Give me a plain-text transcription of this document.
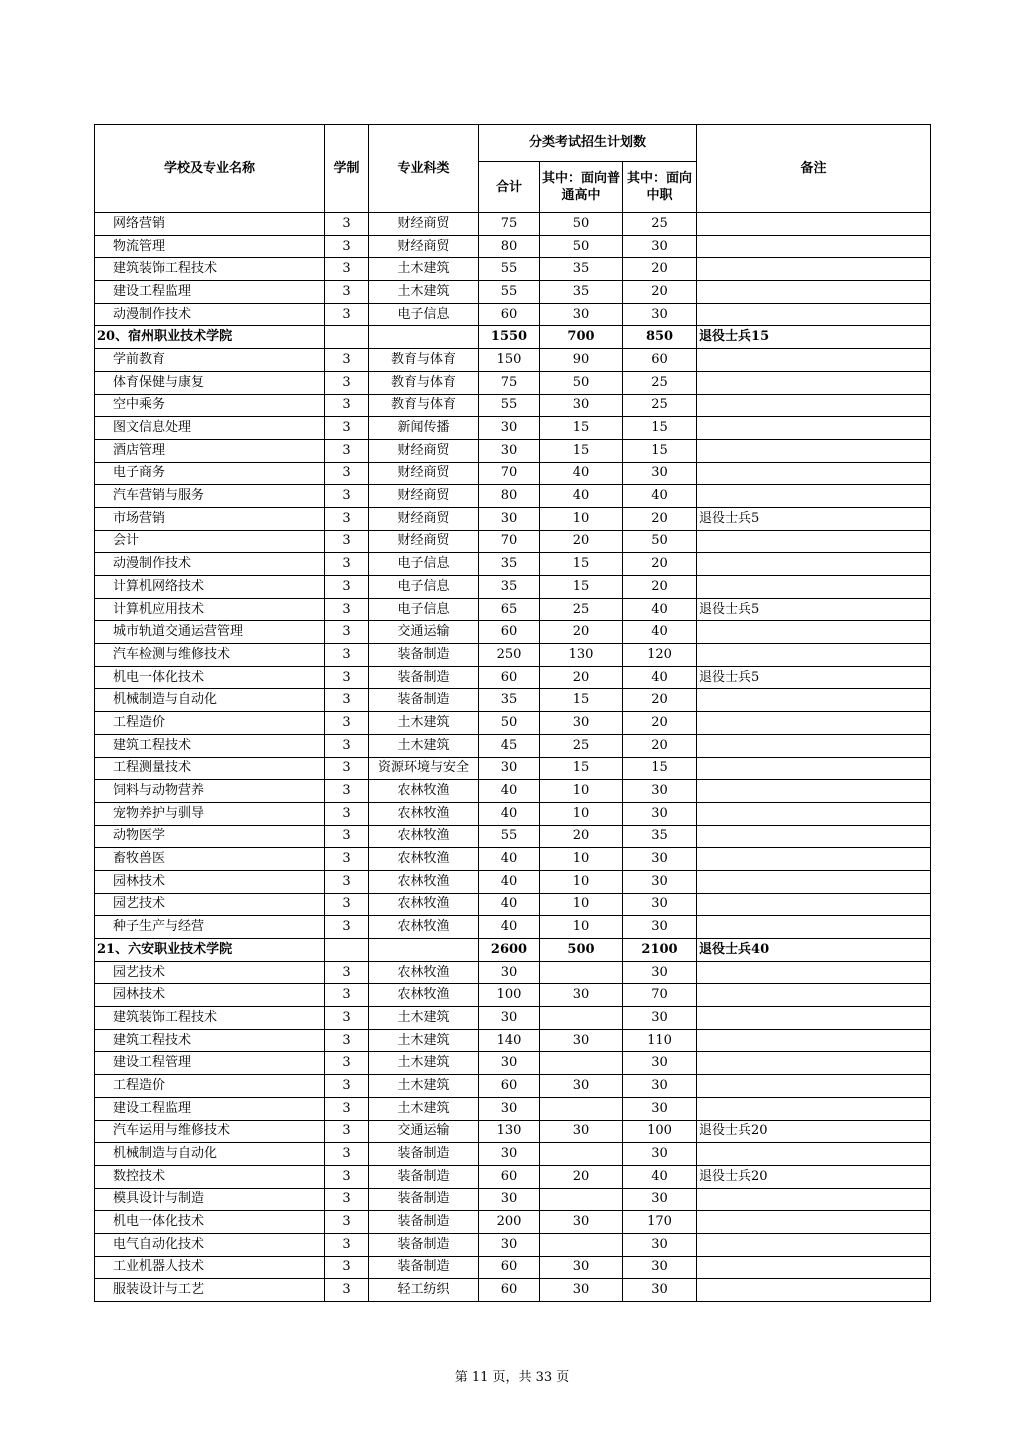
学校及专业名称	学制	专业科类	分类考试招生计划数			备注
			合计	其中：面向普通高中	其中：面向中职	
网络营销	3	财经商贸	75	50	25	
物流管理	3	财经商贸	80	50	30	
建筑装饰工程技术	3	土木建筑	55	35	20	
建设工程监理	3	土木建筑	55	35	20	
动漫制作技术	3	电子信息	60	30	30	
20、宿州职业技术学院			1550	700	850	退役士兵15
学前教育	3	教育与体育	150	90	60	
体育保健与康复	3	教育与体育	75	50	25	
空中乘务	3	教育与体育	55	30	25	
图文信息处理	3	新闻传播	30	15	15	
酒店管理	3	财经商贸	30	15	15	
电子商务	3	财经商贸	70	40	30	
汽车营销与服务	3	财经商贸	80	40	40	
市场营销	3	财经商贸	30	10	20	退役士兵5
会计	3	财经商贸	70	20	50	
动漫制作技术	3	电子信息	35	15	20	
计算机网络技术	3	电子信息	35	15	20	
计算机应用技术	3	电子信息	65	25	40	退役士兵5
城市轨道交通运营管理	3	交通运输	60	20	40	
汽车检测与维修技术	3	装备制造	250	130	120	
机电一体化技术	3	装备制造	60	20	40	退役士兵5
机械制造与自动化	3	装备制造	35	15	20	
工程造价	3	土木建筑	50	30	20	
建筑工程技术	3	土木建筑	45	25	20	
工程测量技术	3	资源环境与安全	30	15	15	
饲料与动物营养	3	农林牧渔	40	10	30	
宠物养护与驯导	3	农林牧渔	40	10	30	
动物医学	3	农林牧渔	55	20	35	
畜牧兽医	3	农林牧渔	40	10	30	
园林技术	3	农林牧渔	40	10	30	
园艺技术	3	农林牧渔	40	10	30	
种子生产与经营	3	农林牧渔	40	10	30	
21、六安职业技术学院			2600	500	2100	退役士兵40
园艺技术	3	农林牧渔	30		30	
园林技术	3	农林牧渔	100	30	70	
建筑装饰工程技术	3	土木建筑	30		30	
建筑工程技术	3	土木建筑	140	30	110	
建设工程管理	3	土木建筑	30		30	
工程造价	3	土木建筑	60	30	30	
建设工程监理	3	土木建筑	30		30	
汽车运用与维修技术	3	交通运输	130	30	100	退役士兵20
机械制造与自动化	3	装备制造	30		30	
数控技术	3	装备制造	60	20	40	退役士兵20
模具设计与制造	3	装备制造	30		30	
机电一体化技术	3	装备制造	200	30	170	
电气自动化技术	3	装备制造	30		30	
工业机器人技术	3	装备制造	60	30	30	
服装设计与工艺	3	轻工纺织	60	30	30	
第 11 页，共 33 页
